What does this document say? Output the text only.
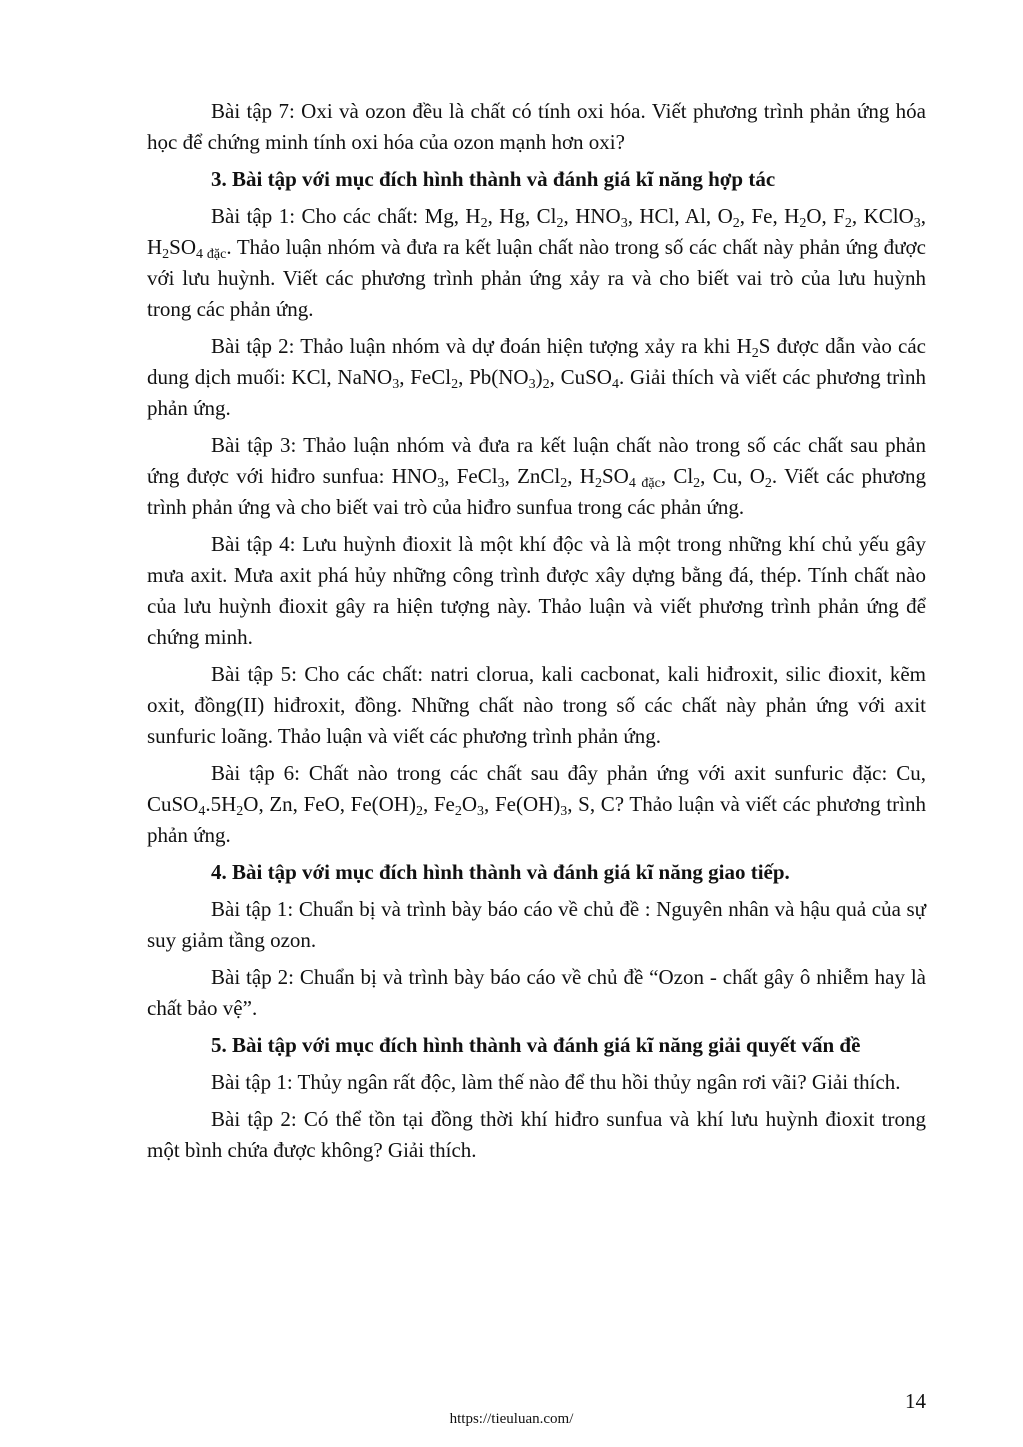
Bài tập 7: Oxi và ozon đều là chất có tính oxi hóa. Viết phương trình phản ứng hóa học để chứng minh tính oxi hóa của ozon mạnh hơn oxi?

3. Bài tập với mục đích hình thành và đánh giá kĩ năng hợp tác

Bài tập 1: Cho các chất: Mg, $H_2$, Hg, $Cl_2$, $HNO_3$, HCl, Al, $O_2$, Fe, $H_2O$, $F_2$, KClO$_3$, $H_2SO_{4 đặc}$. Thảo luận nhóm và đưa ra kết luận chất nào trong số các chất này phản ứng được với lưu huỳnh. Viết các phương trình phản ứng xảy ra và cho biết vai trò của lưu huỳnh trong các phản ứng.

Bài tập 2: Thảo luận nhóm và dự đoán hiện tượng xảy ra khi $H_2S$ được dẫn vào các dung dịch muối: KCl, NaNO$_3$, FeCl$_2$, $Pb(NO_3)_2$, CuSO$_4$. Giải thích và viết các phương trình phản ứng.

Bài tập 3: Thảo luận nhóm và đưa ra kết luận chất nào trong số các chất sau phản ứng được với hiđro sunfua: $HNO_3$, FeCl$_3$, ZnCl$_2$, $H_2SO_{4 đặc}$, $Cl_2$, Cu, $O_2$. Viết các phương trình phản ứng và cho biết vai trò của hiđro sunfua trong các phản ứng.

Bài tập 4: Lưu huỳnh đioxit là một khí độc và là một trong những khí chủ yếu gây mưa axit. Mưa axit phá hủy những công trình được xây dựng bằng đá, thép. Tính chất nào của lưu huỳnh đioxit gây ra hiện tượng này. Thảo luận và viết phương trình phản ứng để chứng minh.

Bài tập 5: Cho các chất: natri clorua, kali cacbonat, kali hiđroxit, silic đioxit, kẽm oxit, đồng(II) hiđroxit, đồng. Những chất nào trong số các chất này phản ứng với axit sunfuric loãng. Thảo luận và viết các phương trình phản ứng.

Bài tập 6: Chất nào trong các chất sau đây phản ứng với axit sunfuric đặc: Cu, $CuSO_4.5H_2O$, Zn, FeO, $Fe(OH)_2$, $Fe_2O_3$, $Fe(OH)_3$, S, C? Thảo luận và viết các phương trình phản ứng.

4. Bài tập với mục đích hình thành và đánh giá kĩ năng giao tiếp.

Bài tập 1: Chuẩn bị và trình bày báo cáo về chủ đề : Nguyên nhân và hậu quả của sự suy giảm tầng ozon.

Bài tập 2: Chuẩn bị và trình bày báo cáo về chủ đề “Ozon - chất gây ô nhiễm hay là chất bảo vệ”.

5. Bài tập với mục đích hình thành và đánh giá kĩ năng giải quyết vấn đề

Bài tập 1: Thủy ngân rất độc, làm thế nào để thu hồi thủy ngân rơi vãi? Giải thích.

Bài tập 2: Có thể tồn tại đồng thời khí hiđro sunfua và khí lưu huỳnh đioxit trong một bình chứa được không? Giải thích.

14
https://tieuluan.com/
